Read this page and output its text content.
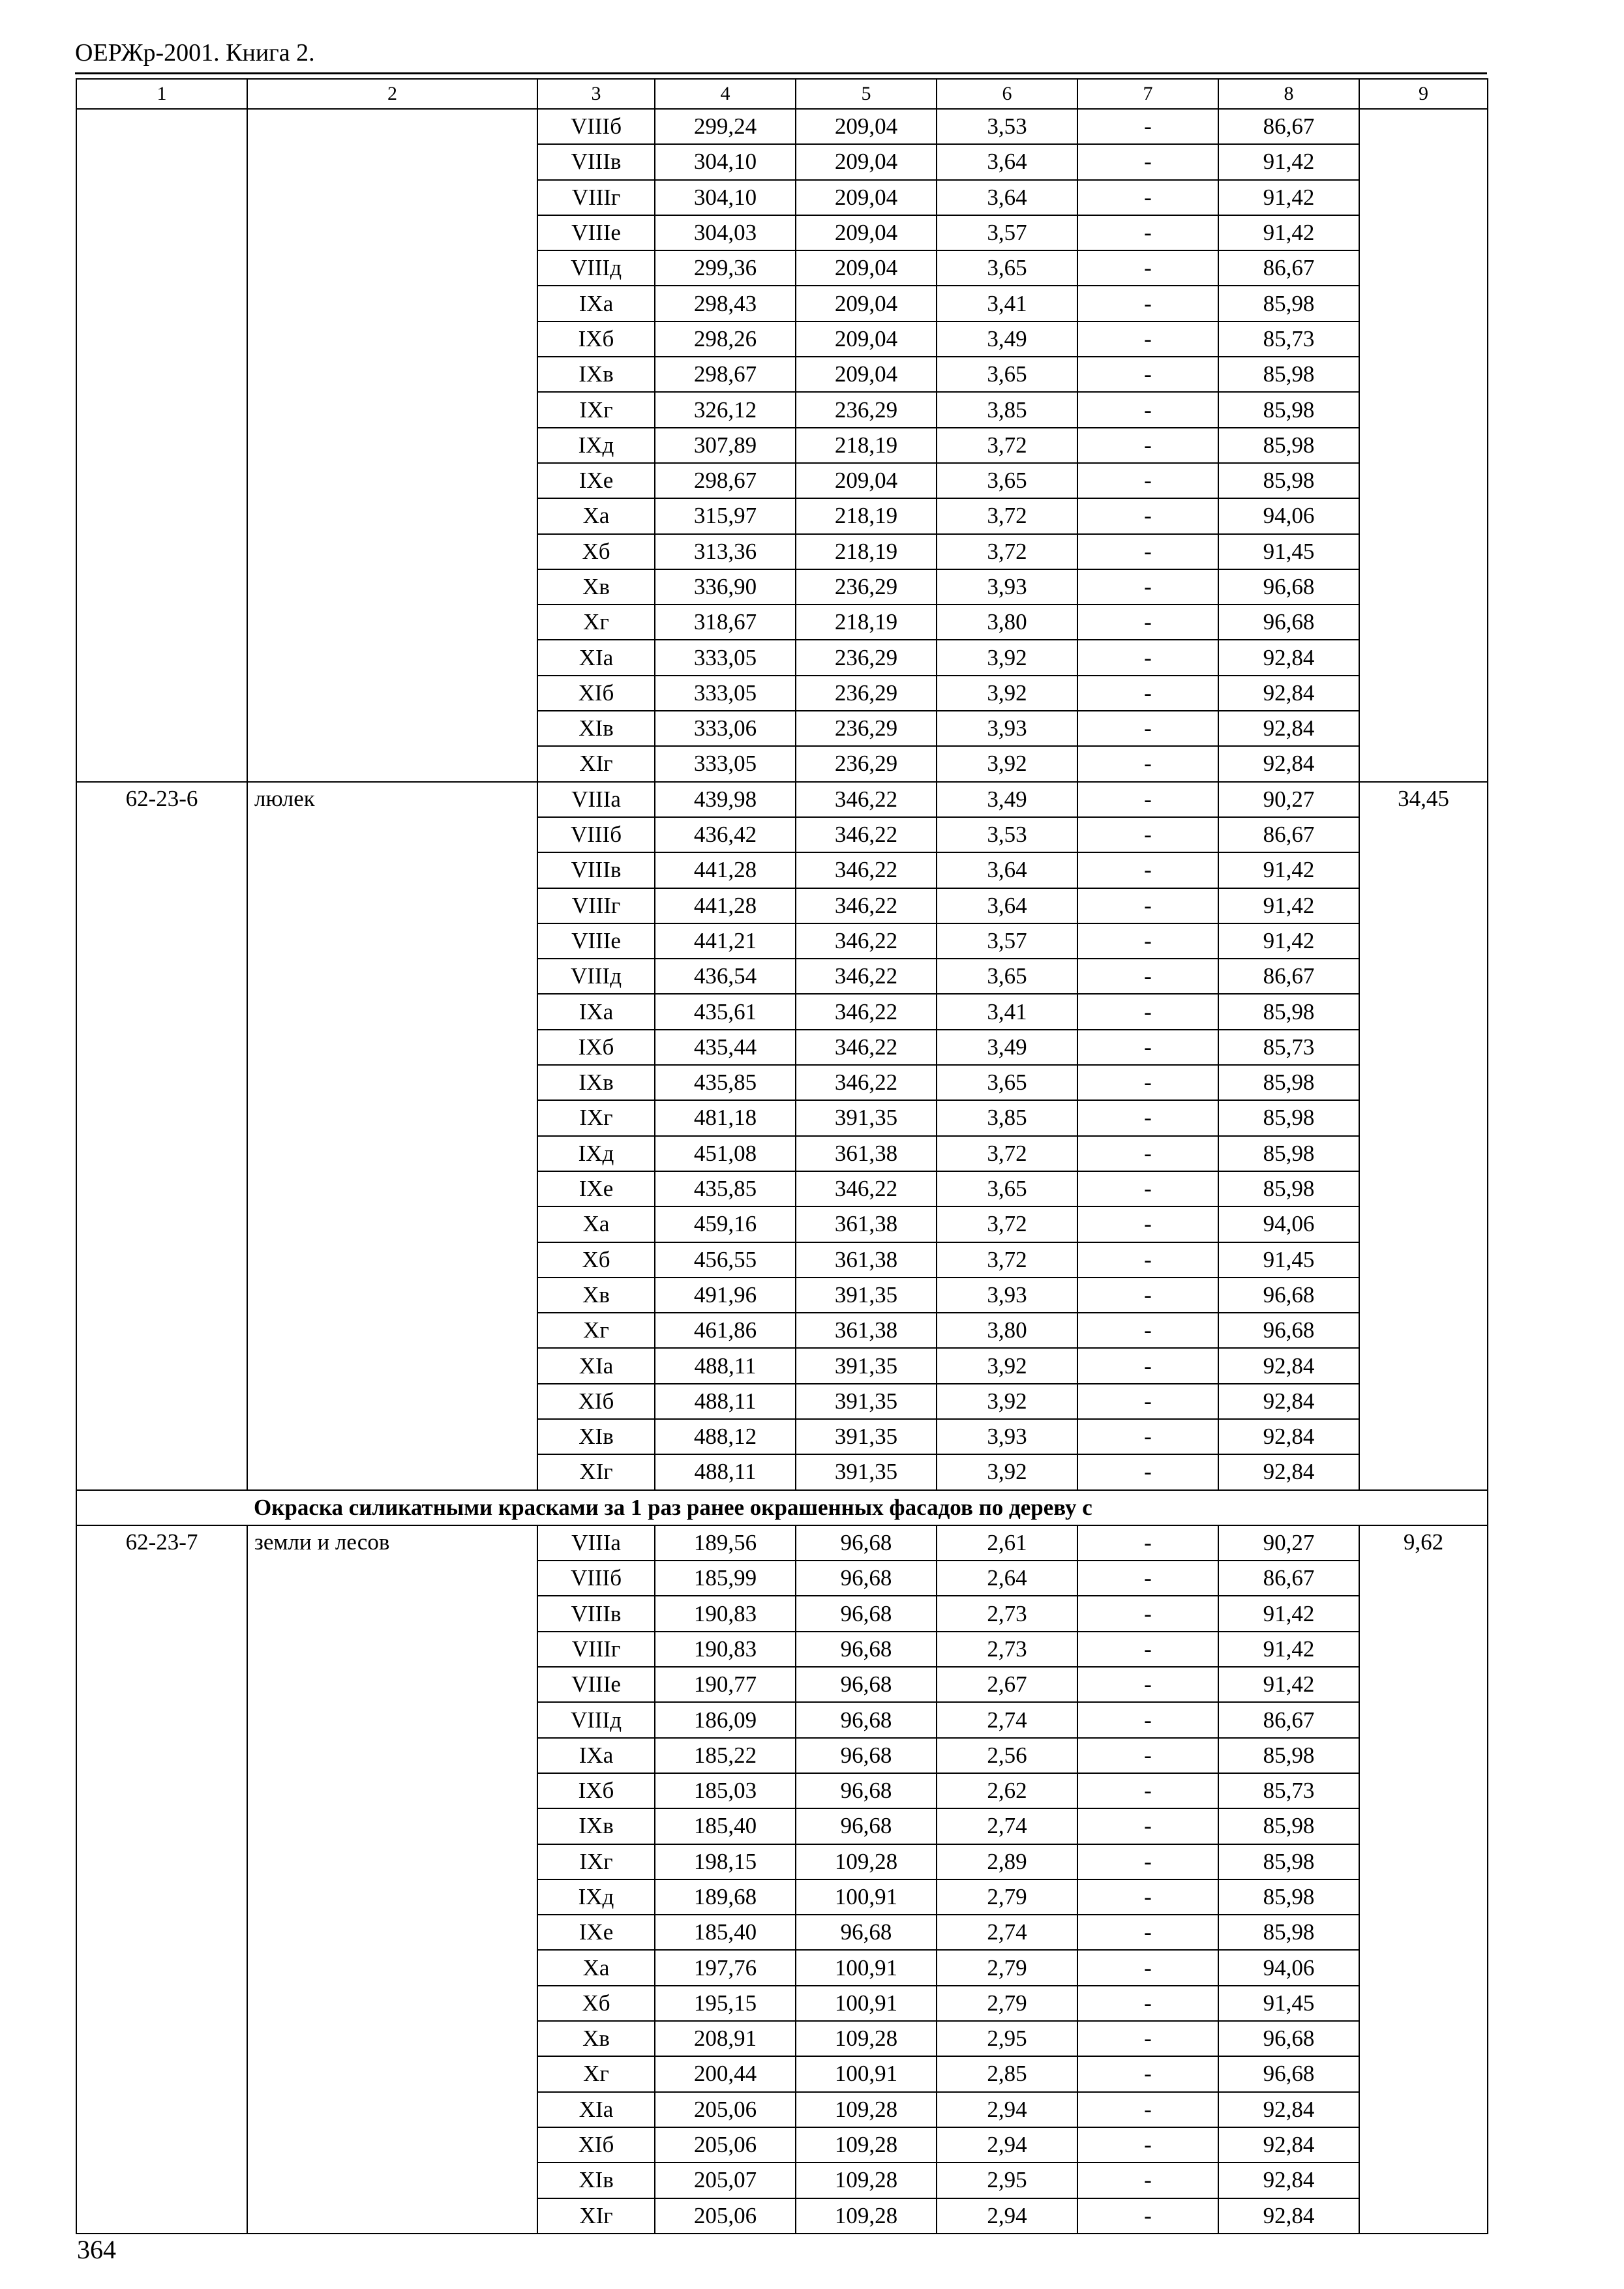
ОЕРЖр-2001. Книга 2.
1	2	3	4	5	6	7	8	9
		VIIIб	299,24	209,04	3,53	-	86,67	
		VIIIв	304,10	209,04	3,64	-	91,42	
		VIIIг	304,10	209,04	3,64	-	91,42	
		VIIIе	304,03	209,04	3,57	-	91,42	
		VIIIд	299,36	209,04	3,65	-	86,67	
		IXа	298,43	209,04	3,41	-	85,98	
		IXб	298,26	209,04	3,49	-	85,73	
		IXв	298,67	209,04	3,65	-	85,98	
		IXг	326,12	236,29	3,85	-	85,98	
		IXд	307,89	218,19	3,72	-	85,98	
		IXе	298,67	209,04	3,65	-	85,98	
		Xа	315,97	218,19	3,72	-	94,06	
		Xб	313,36	218,19	3,72	-	91,45	
		Xв	336,90	236,29	3,93	-	96,68	
		Xг	318,67	218,19	3,80	-	96,68	
		XIа	333,05	236,29	3,92	-	92,84	
		XIб	333,05	236,29	3,92	-	92,84	
		XIв	333,06	236,29	3,93	-	92,84	
		XIг	333,05	236,29	3,92	-	92,84	
62-23-6	люлек	VIIIа	439,98	346,22	3,49	-	90,27	34,45
		VIIIб	436,42	346,22	3,53	-	86,67	
		VIIIв	441,28	346,22	3,64	-	91,42	
		VIIIг	441,28	346,22	3,64	-	91,42	
		VIIIе	441,21	346,22	3,57	-	91,42	
		VIIIд	436,54	346,22	3,65	-	86,67	
		IXа	435,61	346,22	3,41	-	85,98	
		IXб	435,44	346,22	3,49	-	85,73	
		IXв	435,85	346,22	3,65	-	85,98	
		IXг	481,18	391,35	3,85	-	85,98	
		IXд	451,08	361,38	3,72	-	85,98	
		IXе	435,85	346,22	3,65	-	85,98	
		Xа	459,16	361,38	3,72	-	94,06	
		Xб	456,55	361,38	3,72	-	91,45	
		Xв	491,96	391,35	3,93	-	96,68	
		Xг	461,86	361,38	3,80	-	96,68	
		XIа	488,11	391,35	3,92	-	92,84	
		XIб	488,11	391,35	3,92	-	92,84	
		XIв	488,12	391,35	3,93	-	92,84	
		XIг	488,11	391,35	3,92	-	92,84	
	Окраска силикатными красками за 1 раз ранее окрашенных фасадов по дереву с							
62-23-7	земли и лесов	VIIIа	189,56	96,68	2,61	-	90,27	9,62
		VIIIб	185,99	96,68	2,64	-	86,67	
		VIIIв	190,83	96,68	2,73	-	91,42	
		VIIIг	190,83	96,68	2,73	-	91,42	
		VIIIе	190,77	96,68	2,67	-	91,42	
		VIIIд	186,09	96,68	2,74	-	86,67	
		IXа	185,22	96,68	2,56	-	85,98	
		IXб	185,03	96,68	2,62	-	85,73	
		IXв	185,40	96,68	2,74	-	85,98	
		IXг	198,15	109,28	2,89	-	85,98	
		IXд	189,68	100,91	2,79	-	85,98	
		IXе	185,40	96,68	2,74	-	85,98	
		Xа	197,76	100,91	2,79	-	94,06	
		Xб	195,15	100,91	2,79	-	91,45	
		Xв	208,91	109,28	2,95	-	96,68	
		Xг	200,44	100,91	2,85	-	96,68	
		XIа	205,06	109,28	2,94	-	92,84	
		XIб	205,06	109,28	2,94	-	92,84	
		XIв	205,07	109,28	2,95	-	92,84	
		XIг	205,06	109,28	2,94	-	92,84	
364
